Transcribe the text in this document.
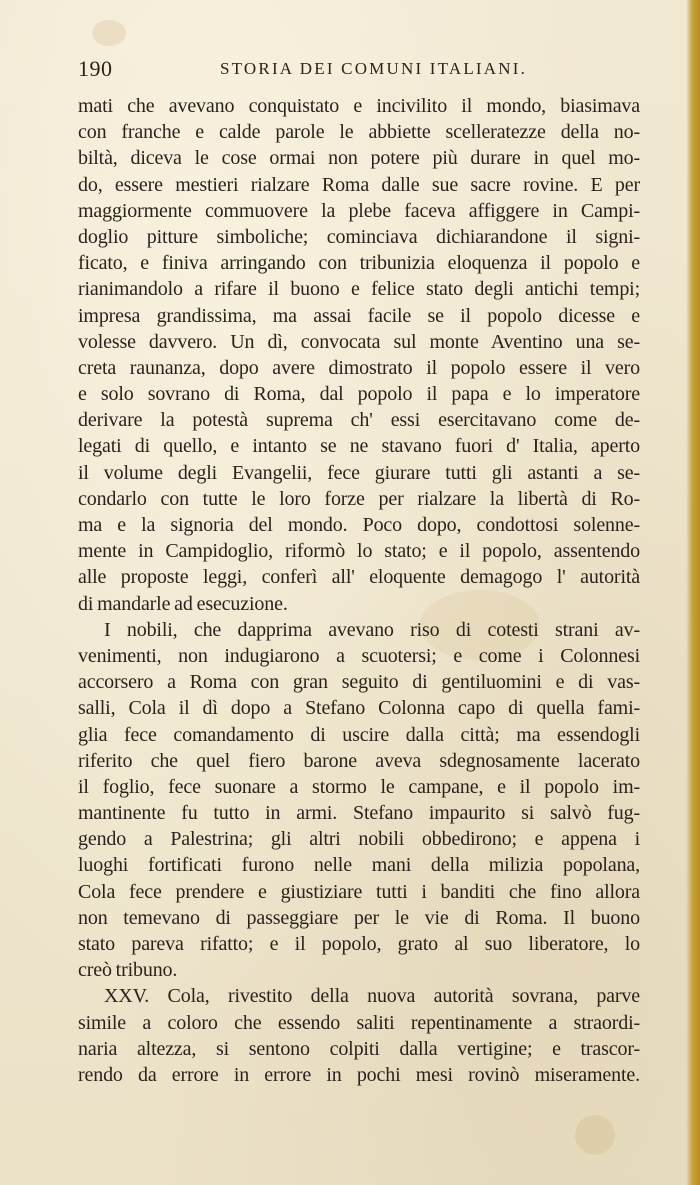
190	STORIA DEI COMUNI ITALIANI.
mati che avevano conquistato e incivilito il mondo, biasimava
con franche e calde parole le abbiette scelleratezze della no-
biltà, diceva le cose ormai non potere più durare in quel mo-
do, essere mestieri rialzare Roma dalle sue sacre rovine. E per
maggiormente commuovere la plebe faceva affiggere in Campi-
doglio pitture simboliche; cominciava dichiarandone il signi-
ficato, e finiva arringando con tribunizia eloquenza il popolo e
rianimandolo a rifare il buono e felice stato degli antichi tempi;
impresa grandissima, ma assai facile se il popolo dicesse e
volesse davvero. Un dì, convocata sul monte Aventino una se-
creta raunanza, dopo avere dimostrato il popolo essere il vero
e solo sovrano di Roma, dal popolo il papa e lo imperatore
derivare la potestà suprema ch' essi esercitavano come de-
legati di quello, e intanto se ne stavano fuori d' Italia, aperto
il volume degli Evangelii, fece giurare tutti gli astanti a se-
condarlo con tutte le loro forze per rialzare la libertà di Ro-
ma e la signoria del mondo. Poco dopo, condottosi solenne-
mente in Campidoglio, riformò lo stato; e il popolo, assentendo
alle proposte leggi, conferì all' eloquente demagogo l' autorità
di mandarle ad esecuzione.
I nobili, che dapprima avevano riso di cotesti strani av-
venimenti, non indugiarono a scuotersi; e come i Colonnesi
accorsero a Roma con gran seguito di gentiluomini e di vas-
salli, Cola il dì dopo a Stefano Colonna capo di quella fami-
glia fece comandamento di uscire dalla città; ma essendogli
riferito che quel fiero barone aveva sdegnosamente lacerato
il foglio, fece suonare a stormo le campane, e il popolo im-
mantinente fu tutto in armi. Stefano impaurito si salvò fug-
gendo a Palestrina; gli altri nobili obbedirono; e appena i
luoghi fortificati furono nelle mani della milizia popolana,
Cola fece prendere e giustiziare tutti i banditi che fino allora
non temevano di passeggiare per le vie di Roma. Il buono
stato pareva rifatto; e il popolo, grato al suo liberatore, lo
creò tribuno.
XXV. Cola, rivestito della nuova autorità sovrana, parve
simile a coloro che essendo saliti repentinamente a straordi-
naria altezza, si sentono colpiti dalla vertigine; e trascor-
rendo da errore in errore in pochi mesi rovinò miseramente.
